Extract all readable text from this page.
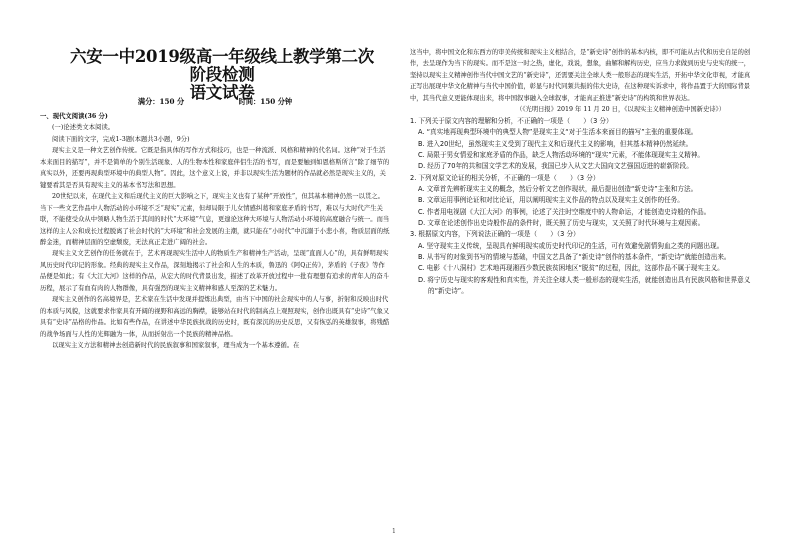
六安一中2019级高一年级线上教学第二次阶段检测
语文试卷
满分：150 分	时间：150 分钟

一、现代文阅读(36 分)

(一)论述类文本阅读。

阅读下面的文字，完成1-3题(本题共3小题，9分)

现实主义是一种文艺创作传统。它既是指具体的写作方式和技巧，也是一种流派、风格和精神的代名词。这种“对于生活本来面目的描写”，并不是简单的个别生活现象、人的生物本性和家庭伴侣生活的书写，而是要触到如恩格斯所言“除了细节的真实以外，还要再现典型环境中的典型人物”。因此，这个意义上说，并非以现实生活为题材的作品就必然是现实主义的，关键要看其是否具有现实主义的基本书写法和思想。

20世纪以来，在现代主义和后现代主义的巨大影响之下，现实主义也有了某种“开放性”，但其基本精神仍然一以贯之。当下一些文艺作品中人物活动的小环境不乏“现实”元素，但却局限于儿女情感纠葛和家庭矛盾的书写，难以与大时代产生关联，不能使受众从中领略人物生活于其间的时代“大环境”气息，更遑论这种大环境与人物活动小环境的高度融合与统一。而当这样的主人公和成长过程脱离了社会时代的“大环境”和社会发展的主潮，就只能在“小时代”中沉溺于小悲小喜，物质层面的纸醉金迷，而精神层面的空虚颓废，无法真正走进广阔的社会。

现实主义文艺创作的任务就在于，艺术再现现实生活中人的物质生产和精神生产活动，呈现“直面人心”的，具有鲜明现实风历史时代印记的形象。经典的现实主义作品，深刻地揭示了社会和人生的本质，鲁迅的《阿Q正传》，茅盾的《子夜》等作品便是如此；有《大江大河》这样的作品，从宏大的时代背景出发，描述了改革开放过程中一批有理想有追求的青年人的奋斗历程，展示了有血有肉的人物群像，具有强烈的现实主义精神和感人至深的艺术魅力。

现实主义创作的名高境界是，艺术家在生活中发现并提炼出典型，由当下中国的社会现实中的人与事，折射和反映出时代的本质与风貌，这就要求作家具有开阔的视野和高远的胸襟，能够站在时代的制高点上观照现实，创作出既具有“史诗”气象又具有“史诗”品格的作品。比如有些作品，在讲述中华民族抗战的历史时，既有深沉的历史反思，又有恢弘的英雄叙事，将残酷的战争场面与人性的光辉融为一体，从而折射出一个民族的精神品格。

以现实主义方法和精神去创造新时代的民族叙事和国家叙事，理当成为一个基本遵循。在

这当中，将中国文化和东西方的审美传统和现实主义相结合，是“新史诗”创作的基本内核，即不可能从古代和历史自足的创作，去呈现作为当下的现实。而不是这一时之热，虚化，戏说，想象，曲解和解构历史，应当力求做到历史与史实的统一，坚持以现实主义精神创作当代中国文艺的“新史诗”，还需要关注全球人类一般形态的现实生活，开拓中华文化审视，才能真正写出展现中华文化精神与当代中国价值，彰显与时代同频共振的伟大史诗，在这种现实诉求中，将作品置于大的国际背景中，其当代意义更能体现出来，将中国叙事融入全球叙事，才能真正推进“新史诗”的构筑和世界表达。

（《光明日报》2019 年 11 月 20 日，《以现实主义精神创造中国新史诗》）

1. 下列关于原文内容的理解和分析，不正确的一项是（　　）（3 分）

A. “真实地再现典型环境中的典型人物”是现实主义“对于生活本来面目的描写”主张的重要体现。

B. 进入20世纪，虽然现实主义受到了现代主义和后现代主义的影响，但其基本精神仍然延续。

C. 局限于男女情爱和家庭矛盾的作品，缺乏人物活动环境的“现实”元素，不能体现现实主义精神。

D. 经历了70年的共和国文学艺术的发展，我国已步入从文艺大国向文艺强国迈进的崭新阶段。

2. 下列对原文论证的相关分析，不正确的一项是（　　）（3 分）

A. 文章首先辨析现实主义的概念，然后分析文艺创作现状，最后提出创造“新史诗”主张和方法。

B. 文章运用事例论证和对比论证，用以阐明现实主义作品的特点以及现实主义创作的任务。

C. 作者用电视剧《大江大河》的事例，论述了关注时空维度中的人物命运，才能创造史诗般的作品。

D. 文章在论述创作出史诗般作品的条件时，既关照了历史与现实，又关照了时代环境与主观因素。

3. 根据原文内容，下列说法正确的一项是（　　）（3 分）

A. 坚守现实主义传统，呈现具有鲜明现实或历史时代印记的生活，可有效避免剧情狗血之类的问题出现。

B. 从书写的对象到书写的情境与基础，中国文艺具备了“新史诗”创作的基本条件，“新史诗”就能创造出来。

C. 电影《十八洞村》艺术地再现湘西少数民族贫困地区“脱贫”的过程，因此，这部作品不属于现实主义。

D. 将宁历史与现实的客观性和真实性，并关注全球人类一般形态的现实生活，就能创造出具有民族风格和世界意义的“新史诗”。

1
